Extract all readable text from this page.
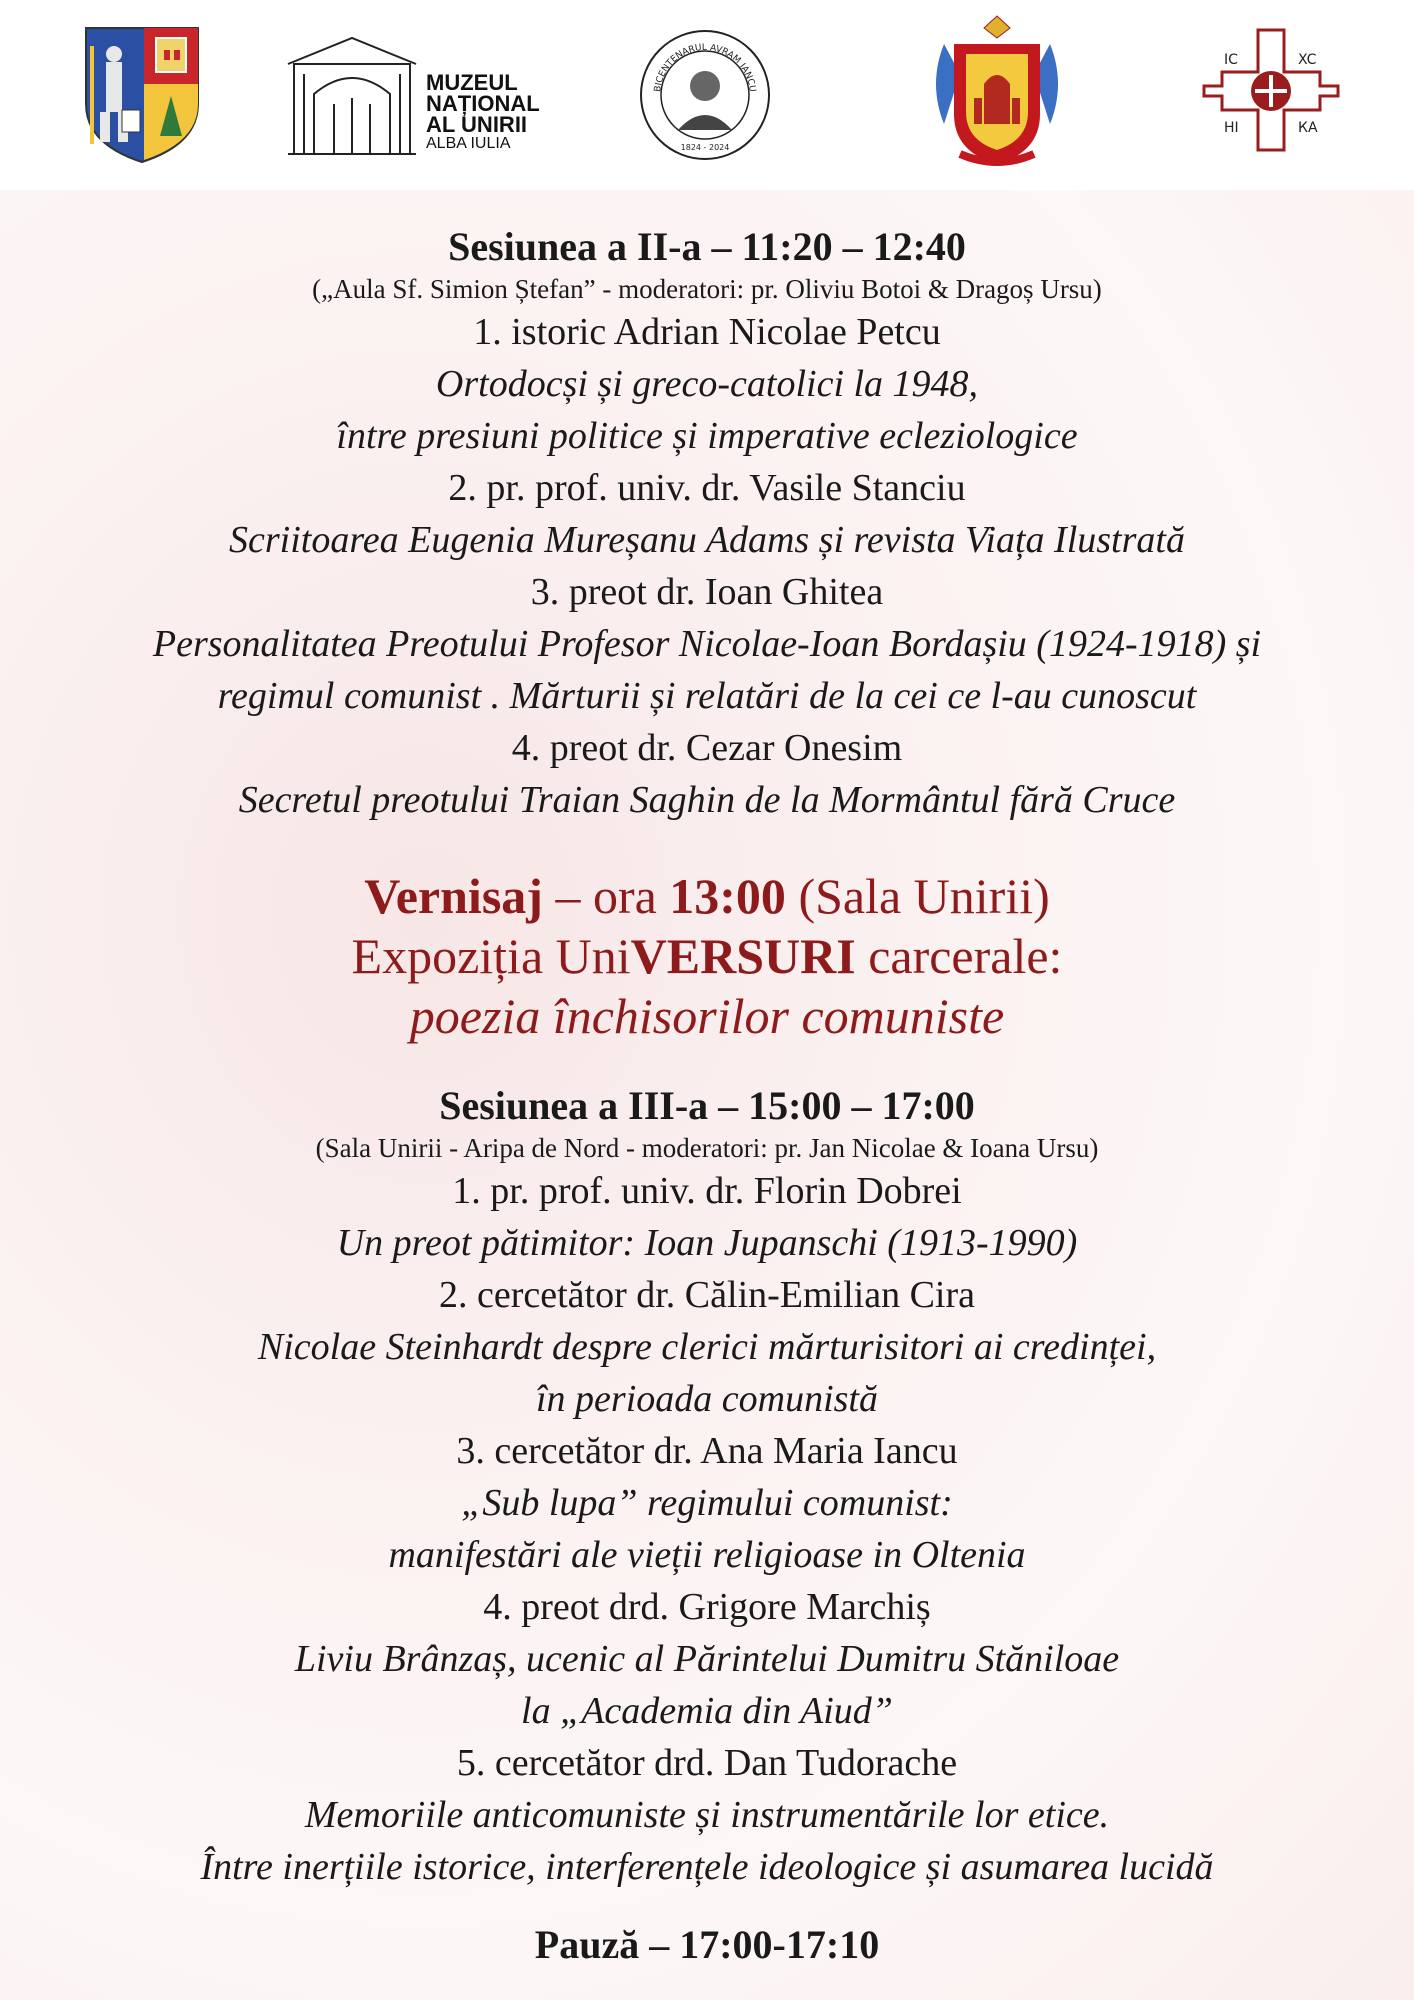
MUZEUL
NAȚIONAL
AL UNIRII
ALBA IULIA
BICENTENARUL AVRAM IANCU
1824 - 2024
IC	XC
НІ	КА
Sesiunea a II-a – 11:20 – 12:40
(„Aula Sf. Simion Ștefan” - moderatori: pr. Oliviu Botoi & Dragoș Ursu)
1. istoric Adrian Nicolae Petcu
Ortodocși și greco-catolici la 1948,
între presiuni politice și imperative ecleziologice
2. pr. prof. univ. dr. Vasile Stanciu
Scriitoarea Eugenia Mureșanu Adams și revista Viața Ilustrată
3. preot dr. Ioan Ghitea
Personalitatea Preotului Profesor Nicolae-Ioan Bordașiu (1924-1918) și
regimul comunist . Mărturii și relatări de la cei ce l-au cunoscut
4. preot dr. Cezar Onesim
Secretul preotului Traian Saghin de la Mormântul fără Cruce
Vernisaj – ora 13:00 (Sala Unirii)
Expoziția UniVERSURI carcerale:
poezia închisorilor comuniste
Sesiunea a III-a – 15:00 – 17:00
(Sala Unirii - Aripa de Nord - moderatori: pr. Jan Nicolae & Ioana Ursu)
1. pr. prof. univ. dr. Florin Dobrei
Un preot pătimitor: Ioan Jupanschi (1913-1990)
2. cercetător dr. Călin-Emilian Cira
Nicolae Steinhardt despre clerici mărturisitori ai credinței,
în perioada comunistă
3. cercetător dr. Ana Maria Iancu
„Sub lupa” regimului comunist:
manifestări ale vieții religioase in Oltenia
4. preot drd. Grigore Marchiș
Liviu Brânzaș, ucenic al Părintelui Dumitru Stăniloae
la „Academia din Aiud”
5. cercetător drd. Dan Tudorache
Memoriile anticomuniste și instrumentările lor etice.
Între inerțiile istorice, interferențele ideologice și asumarea lucidă
Pauză – 17:00-17:10
